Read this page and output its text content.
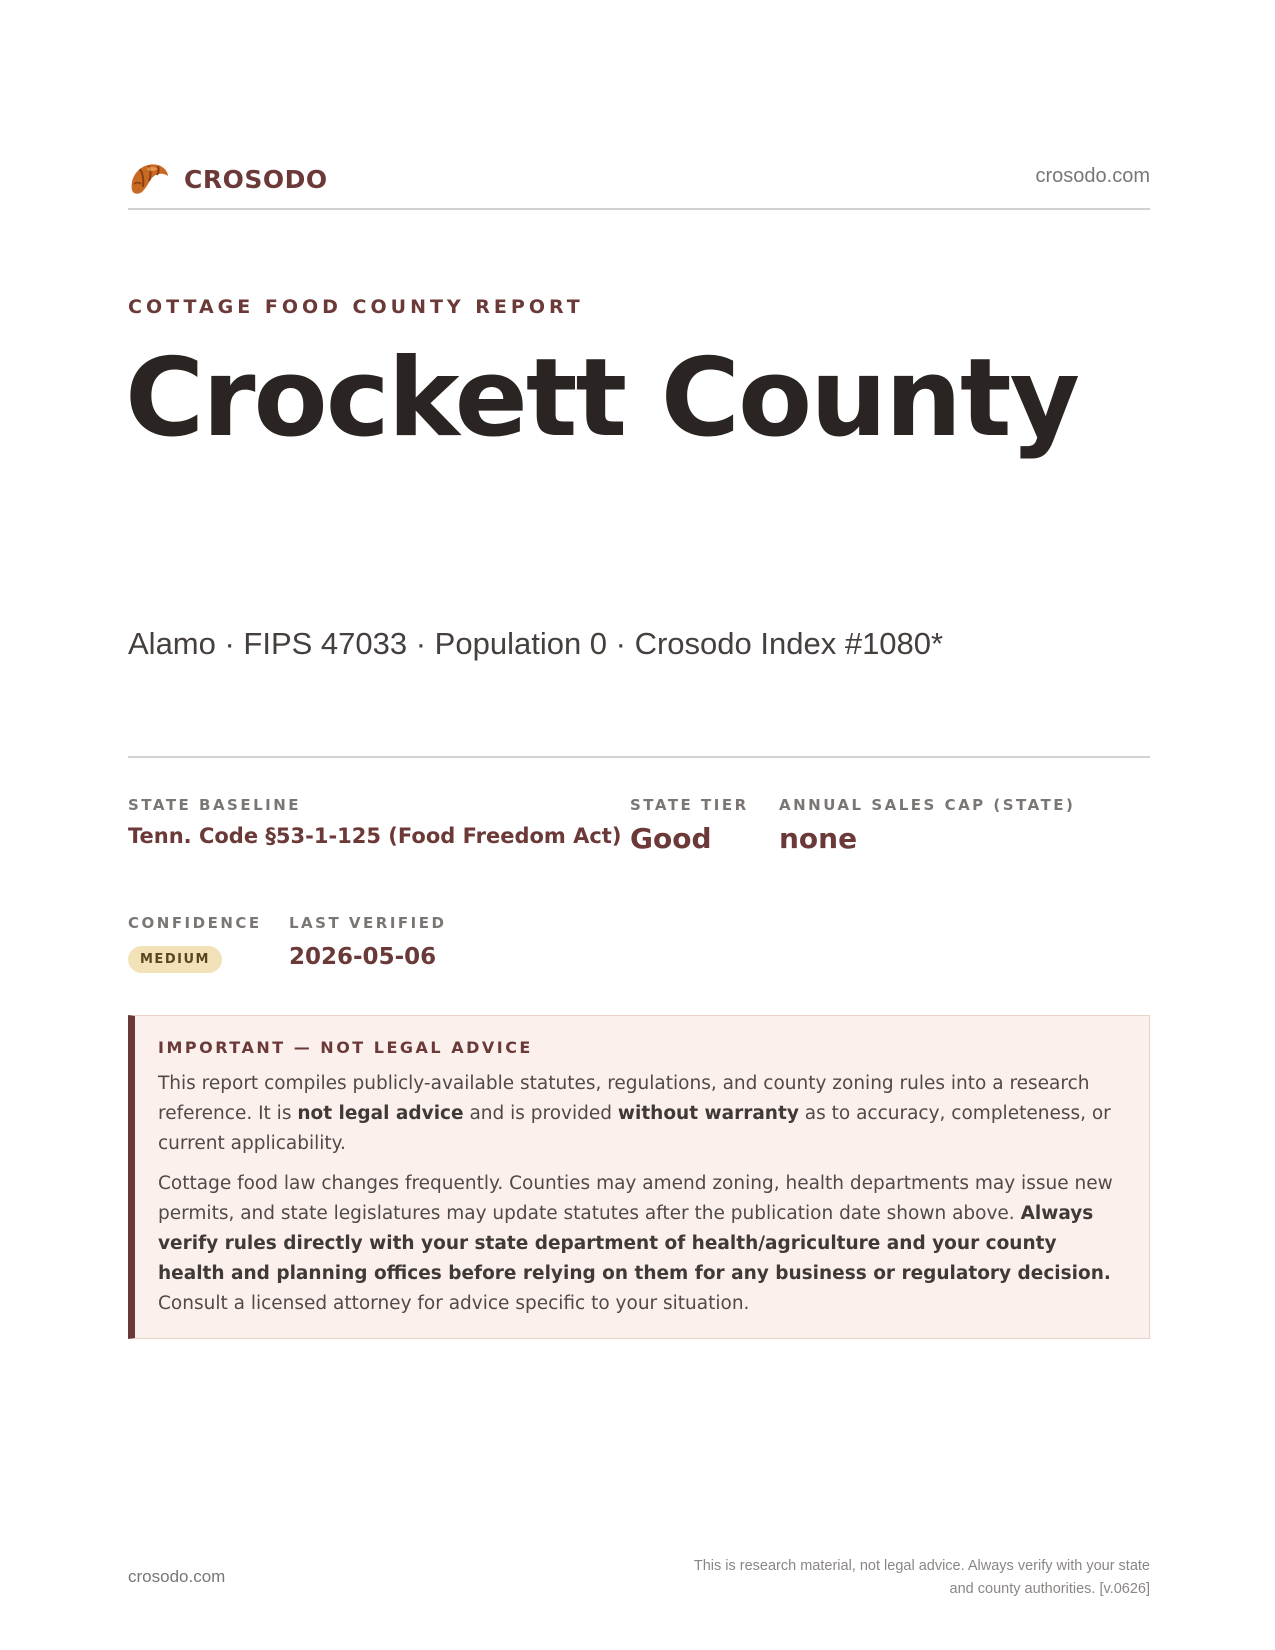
CROSODO	crosodo.com
COTTAGE FOOD COUNTY REPORT
Crockett County
Alamo · FIPS 47033 · Population 0 · Crosodo Index #1080*
STATE BASELINE
Tenn. Code §53-1-125 (Food Freedom Act)
STATE TIER
Good
ANNUAL SALES CAP (STATE)
none
CONFIDENCE
MEDIUM
LAST VERIFIED
2026-05-06
IMPORTANT — NOT LEGAL ADVICE

This report compiles publicly-available statutes, regulations, and county zoning rules into a research reference. It is not legal advice and is provided without warranty as to accuracy, completeness, or current applicability.

Cottage food law changes frequently. Counties may amend zoning, health departments may issue new permits, and state legislatures may update statutes after the publication date shown above. Always verify rules directly with your state department of health/agriculture and your county health and planning offices before relying on them for any business or regulatory decision. Consult a licensed attorney for advice specific to your situation.

crosodo.com
This is research material, not legal advice. Always verify with your state
and county authorities. [v.0626]
